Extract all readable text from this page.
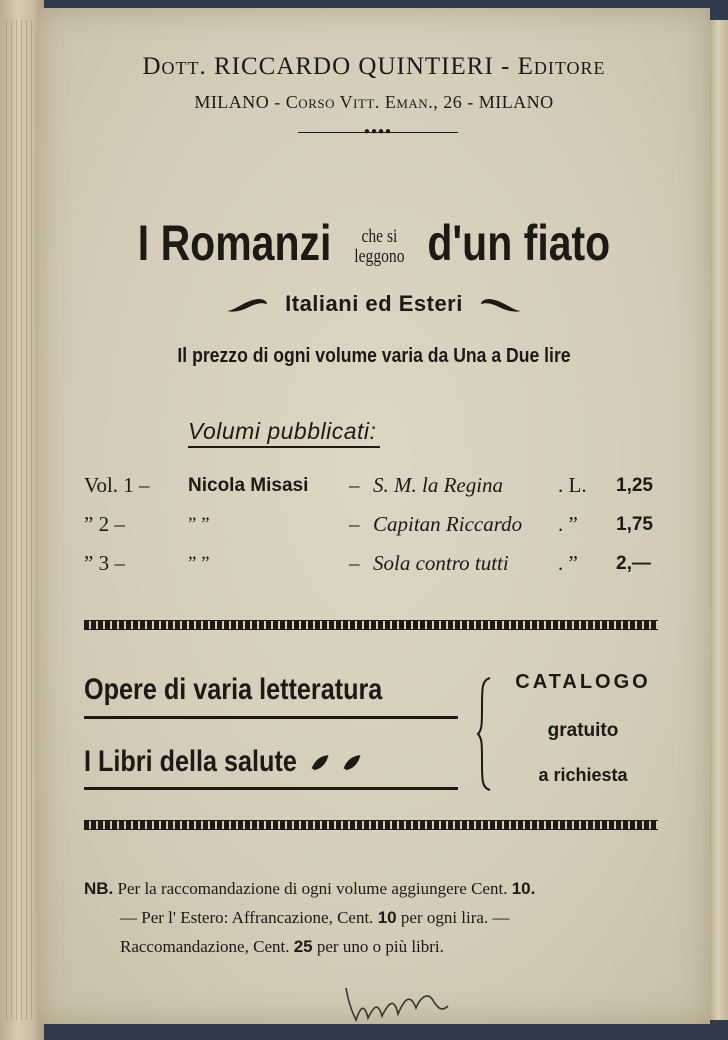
Dott. RICCARDO QUINTIERI - Editore
MILANO - Corso Vitt. Eman., 26 - MILANO
●●●●
I Romanzi che si
leggono d'un fiato
Italiani ed Esteri
Il prezzo di ogni volume varia da Una a Due lire
Volumi pubblicati:
Vol. 1 – Nicola Misasi – S. M. la Regina	. L. 1,25
” 2 –	” ”	– Capitan Riccardo . ” 1,75
” 3 –	” ”	– Sola contro tutti . ” 2,—
Opere di varia letteratura
I Libri della salute
CATALOGO
gratuito
a richiesta
NB. Per la raccomandazione di ogni volume aggiungere Cent. 10.
— Per l' Estero: Affrancazione, Cent. 10 per ogni lira. —
Raccomandazione, Cent. 25 per uno o più libri.
